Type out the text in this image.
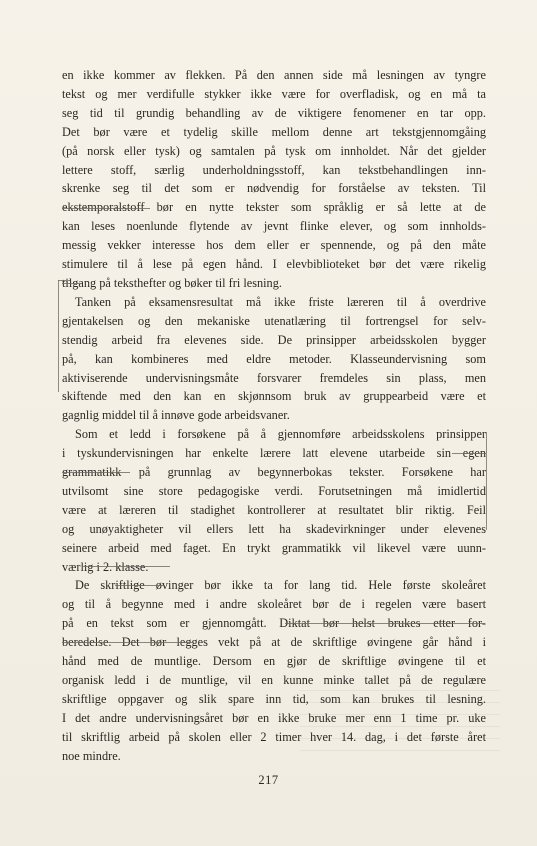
en ikke kommer av flekken. På den annen side må lesningen av tyngre
tekst og mer verdifulle stykker ikke være for overfladisk, og en må ta
seg tid til grundig behandling av de viktigere fenomener en tar opp.
Det bør være et tydelig skille mellom denne art tekstgjennomgåing
(på norsk eller tysk) og samtalen på tysk om innholdet. Når det gjelder
lettere stoff, særlig underholdningsstoff, kan tekstbehandlingen inn-
skrenke seg til det som er nødvendig for forståelse av teksten. Til
ekstemporalstoff bør en nytte tekster som språklig er så lette at de
kan leses noenlunde flytende av jevnt flinke elever, og som innholds-
messig vekker interesse hos dem eller er spennende, og på den måte
stimulere til å lese på egen hånd. I elevbiblioteket bør det være rikelig
tilgang på teksthefter og bøker til fri lesning.
Tanken på eksamensresultat må ikke friste læreren til å overdrive
gjentakelsen og den mekaniske utenatlæring til fortrengsel for selv-
stendig arbeid fra elevenes side. De prinsipper arbeidsskolen bygger
på, kan kombineres med eldre metoder. Klasseundervisning som
aktiviserende undervisningsmåte forsvarer fremdeles sin plass, men
skiftende med den kan en skjønnsom bruk av gruppearbeid være et
gagnlig middel til å innøve gode arbeidsvaner.
Som et ledd i forsøkene på å gjennomføre arbeidsskolens prinsipper
i tyskundervisningen har enkelte lærere latt elevene utarbeide sin egen
grammatikk på grunnlag av begynnerbokas tekster. Forsøkene har
utvilsomt sine store pedagogiske verdi. Forutsetningen må imidlertid
være at læreren til stadighet kontrollerer at resultatet blir riktig. Feil
og unøyaktigheter vil ellers lett ha skadevirkninger under elevenes
seinere arbeid med faget. En trykt grammatikk vil likevel være uunn-
værlig i 2. klasse.
De skriftlige øvinger bør ikke ta for lang tid. Hele første skoleåret
og til å begynne med i andre skoleåret bør de i regelen være basert
på en tekst som er gjennomgått. Diktat bør helst brukes etter for-
beredelse. Det bør legges vekt på at de skriftlige øvingene går hånd i
hånd med de muntlige. Dersom en gjør de skriftlige øvingene til et
organisk ledd i de muntlige, vil en kunne minke tallet på de regulære
skriftlige oppgaver og slik spare inn tid, som kan brukes til lesning.
I det andre undervisningsåret bør en ikke bruke mer enn 1 time pr. uke
til skriftlig arbeid på skolen eller 2 timer hver 14. dag, i det første året
noe mindre.
217
